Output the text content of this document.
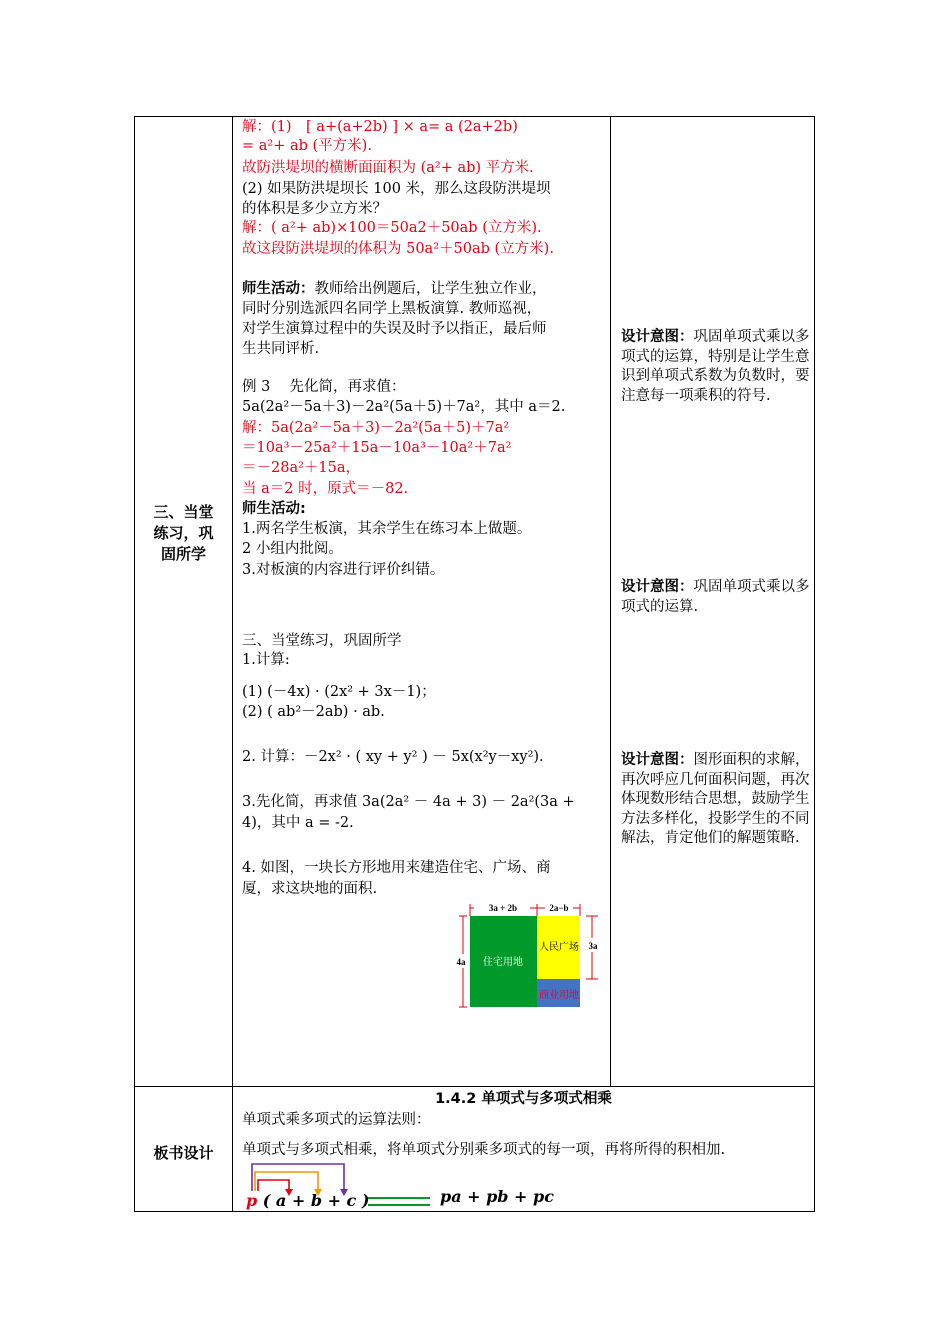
三、当堂
练习，巩
固所学
板书设计
解：(1)　[ a+(a+2b) ] × a= a (2a+2b)
= a²+ ab (平方米).
故防洪堤坝的横断面面积为 (a²+ ab) 平方米.
(2) 如果防洪堤坝长 100 米，那么这段防洪堤坝
的体积是多少立方米？
解：( a²+ ab)×100＝50a2＋50ab (立方米).
故这段防洪堤坝的体积为 50a²＋50ab (立方米).
师生活动：教师给出例题后，让学生独立作业，
同时分别选派四名同学上黑板演算. 教师巡视，
对学生演算过程中的失误及时予以指正，最后师
生共同评析.
例 3　 先化简，再求值：
5a(2a²－5a＋3)－2a²(5a＋5)＋7a²，其中 a＝2.
解：5a(2a²－5a＋3)－2a²(5a＋5)＋7a²
＝10a³－25a²＋15a－10a³－10a²＋7a²
＝－28a²＋15a，
当 a＝2 时，原式＝－82.
师生活动:
1.两名学生板演，其余学生在练习本上做题。
2 小组内批阅。
3.对板演的内容进行评价纠错。
三、当堂练习，巩固所学
1.计算:
(1) (－4x) · (2x² + 3x－1)；
(2) ( ab²－2ab) · ab.
2. 计算：－2x² · ( xy + y² ) － 5x(x²y－xy²).
3.先化简，再求值 3a(2a² － 4a + 3) － 2a²(3a +
4)，其中 a = -2.
4. 如图，一块长方形地用来建造住宅、广场、商
厦，求这块地的面积.
3a + 2b	2a−b
3a
4a 住宅用地
人民广场
商业用地
设计意图：巩固单项式乘以多项式的运算，特别是让学生意识到单项式系数为负数时，要注意每一项乘积的符号.
设计意图：巩固单项式乘以多项式的运算.
设计意图：图形面积的求解，再次呼应几何面积问题，再次体现数形结合思想，鼓励学生方法多样化，投影学生的不同解法，肯定他们的解题策略.
1.4.2 单项式与多项式相乘
单项式乘多项式的运算法则：
单项式与多项式相乘，将单项式分别乘多项式的每一项，再将所得的积相加.
p ( a + b + c )	pa + pb + pc
